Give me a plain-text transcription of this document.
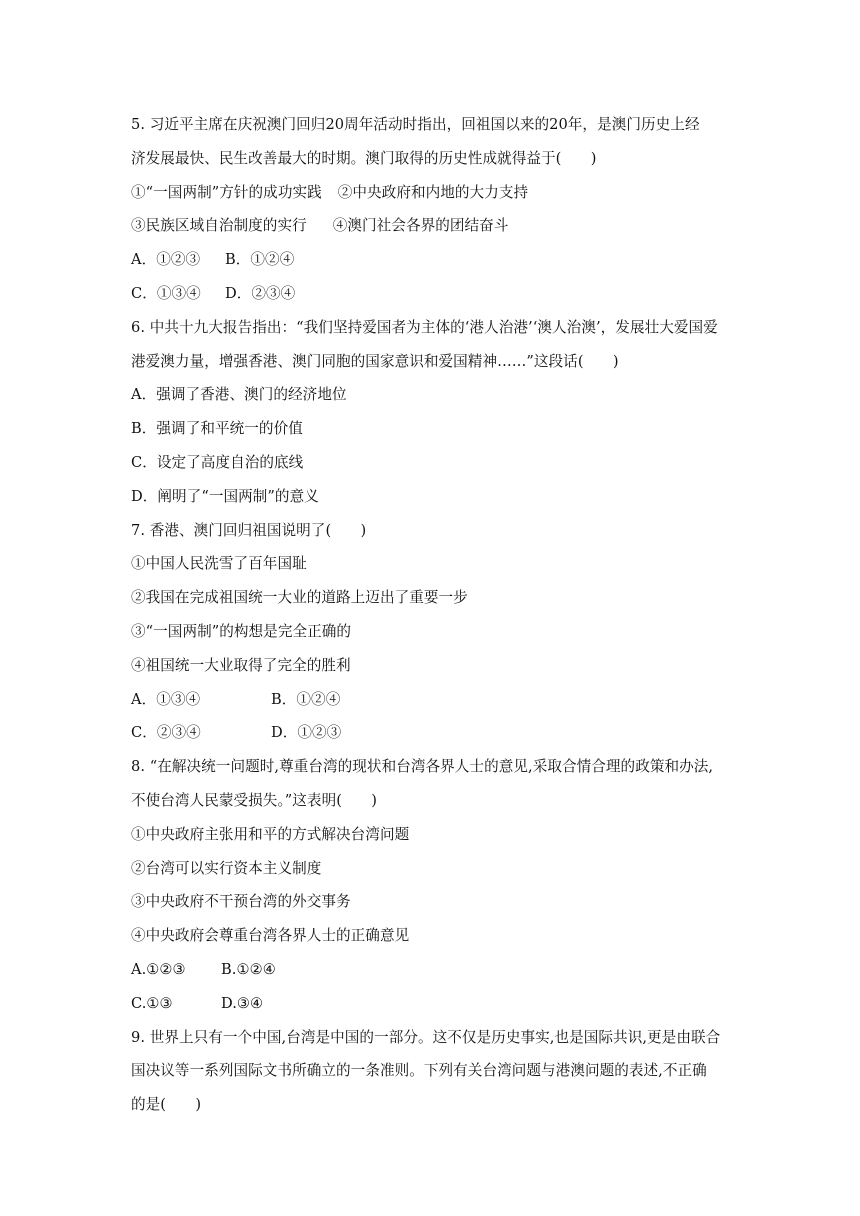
5. 习近平主席在庆祝澳门回归20周年活动时指出，回祖国以来的20年，是澳门历史上经
济发展最快、民生改善最大的时期。澳门取得的历史性成就得益于(　　)
①“一国两制”方针的成功实践 ②中央政府和内地的大力支持
③民族区域自治制度的实行 ④澳门社会各界的团结奋斗
A．①②③ B．①②④
C．①③④ D．②③④
6. 中共十九大报告指出：“我们坚持爱国者为主体的‘港人治港’‘澳人治澳’，发展壮大爱国爱
港爱澳力量，增强香港、澳门同胞的国家意识和爱国精神……”这段话(　　)
A．强调了香港、澳门的经济地位
B．强调了和平统一的价值
C．设定了高度自治的底线
D．阐明了“一国两制”的意义
7. 香港、澳门回归祖国说明了(　　)
①中国人民洗雪了百年国耻
②我国在完成祖国统一大业的道路上迈出了重要一步
③“一国两制”的构想是完全正确的
④祖国统一大业取得了完全的胜利
A．①③④	B．①②④
C．②③④	D．①②③
8. “在解决统一问题时,尊重台湾的现状和台湾各界人士的意见,采取合情合理的政策和办法,
不使台湾人民蒙受损失。”这表明(　　)
①中央政府主张用和平的方式解决台湾问题
②台湾可以实行资本主义制度
③中央政府不干预台湾的外交事务
④中央政府会尊重台湾各界人士的正确意见
A.①②③ B.①②④
C.①③	D.③④
9. 世界上只有一个中国,台湾是中国的一部分。这不仅是历史事实,也是国际共识,更是由联合
国决议等一系列国际文书所确立的一条准则。下列有关台湾问题与港澳问题的表述,不正确
的是(　　)
